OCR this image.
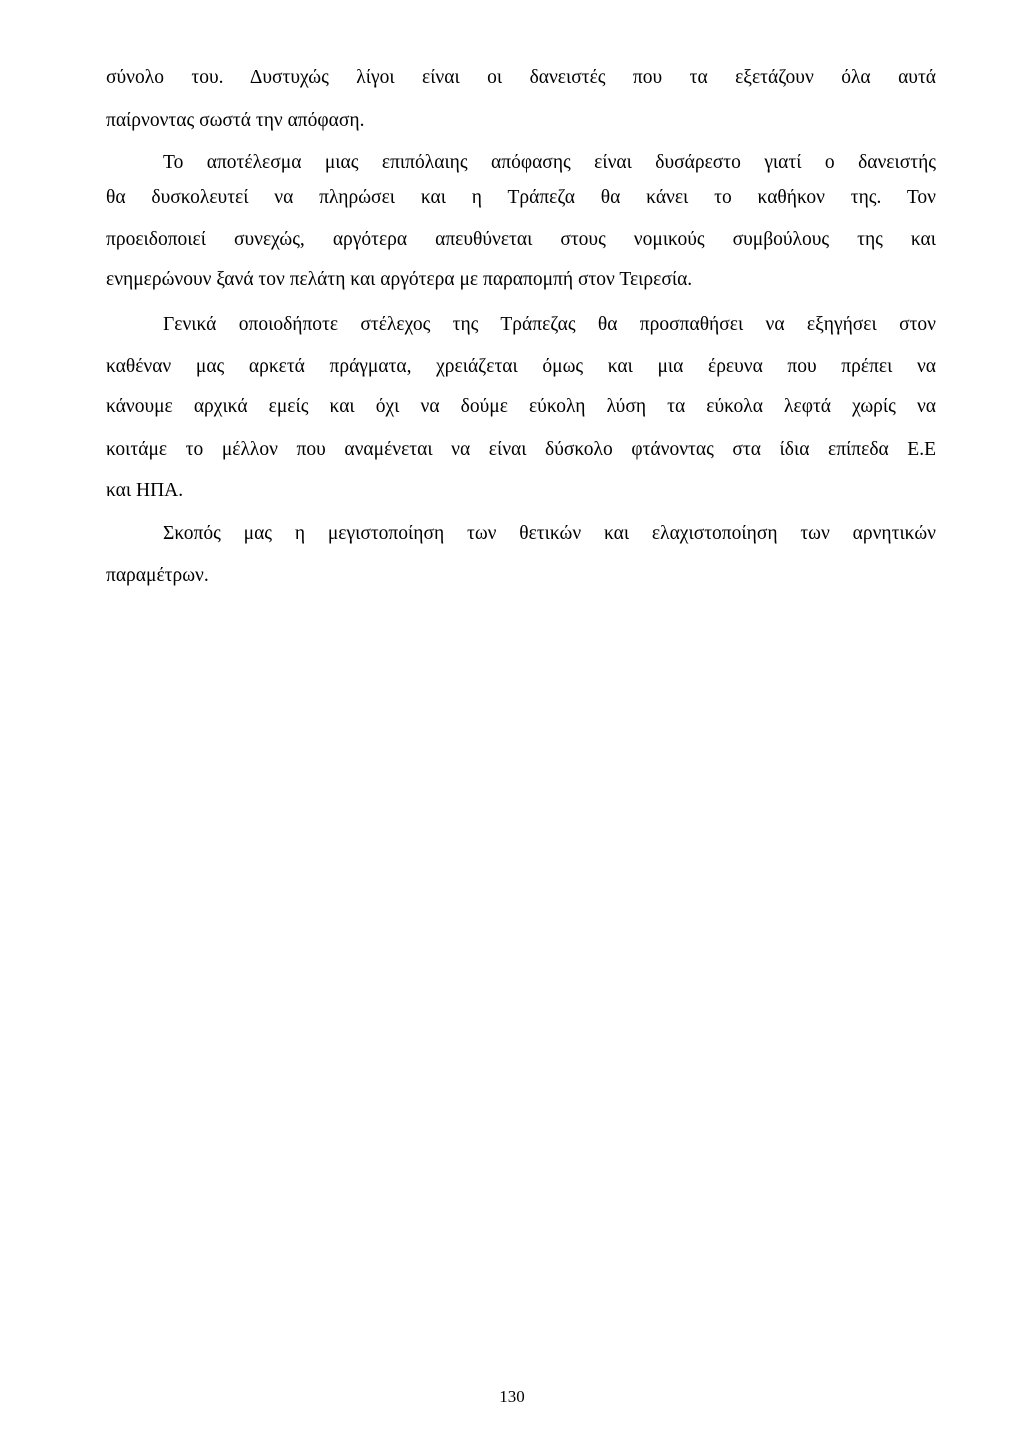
σύνολο του. Δυστυχώς λίγοι είναι οι δανειστές που τα εξετάζουν όλα αυτά
παίρνοντας σωστά την απόφαση.
Το αποτέλεσμα μιας επιπόλαιης απόφασης είναι δυσάρεστο γιατί ο δανειστής
θα δυσκολευτεί να πληρώσει και η Τράπεζα θα κάνει το καθήκον της. Τον
προειδοποιεί συνεχώς, αργότερα απευθύνεται στους νομικούς συμβούλους της και
ενημερώνουν ξανά τον πελάτη και αργότερα με παραπομπή στον Τειρεσία.
Γενικά οποιοδήποτε στέλεχος της Τράπεζας θα προσπαθήσει να εξηγήσει στον
καθέναν μας αρκετά πράγματα, χρειάζεται όμως και μια έρευνα που πρέπει να
κάνουμε αρχικά εμείς και όχι να δούμε εύκολη λύση τα εύκολα λεφτά χωρίς να
κοιτάμε το μέλλον που αναμένεται να είναι δύσκολο φτάνοντας στα ίδια επίπεδα Ε.Ε
και ΗΠΑ.
Σκοπός μας η μεγιστοποίηση των θετικών και ελαχιστοποίηση των αρνητικών
παραμέτρων.
130
